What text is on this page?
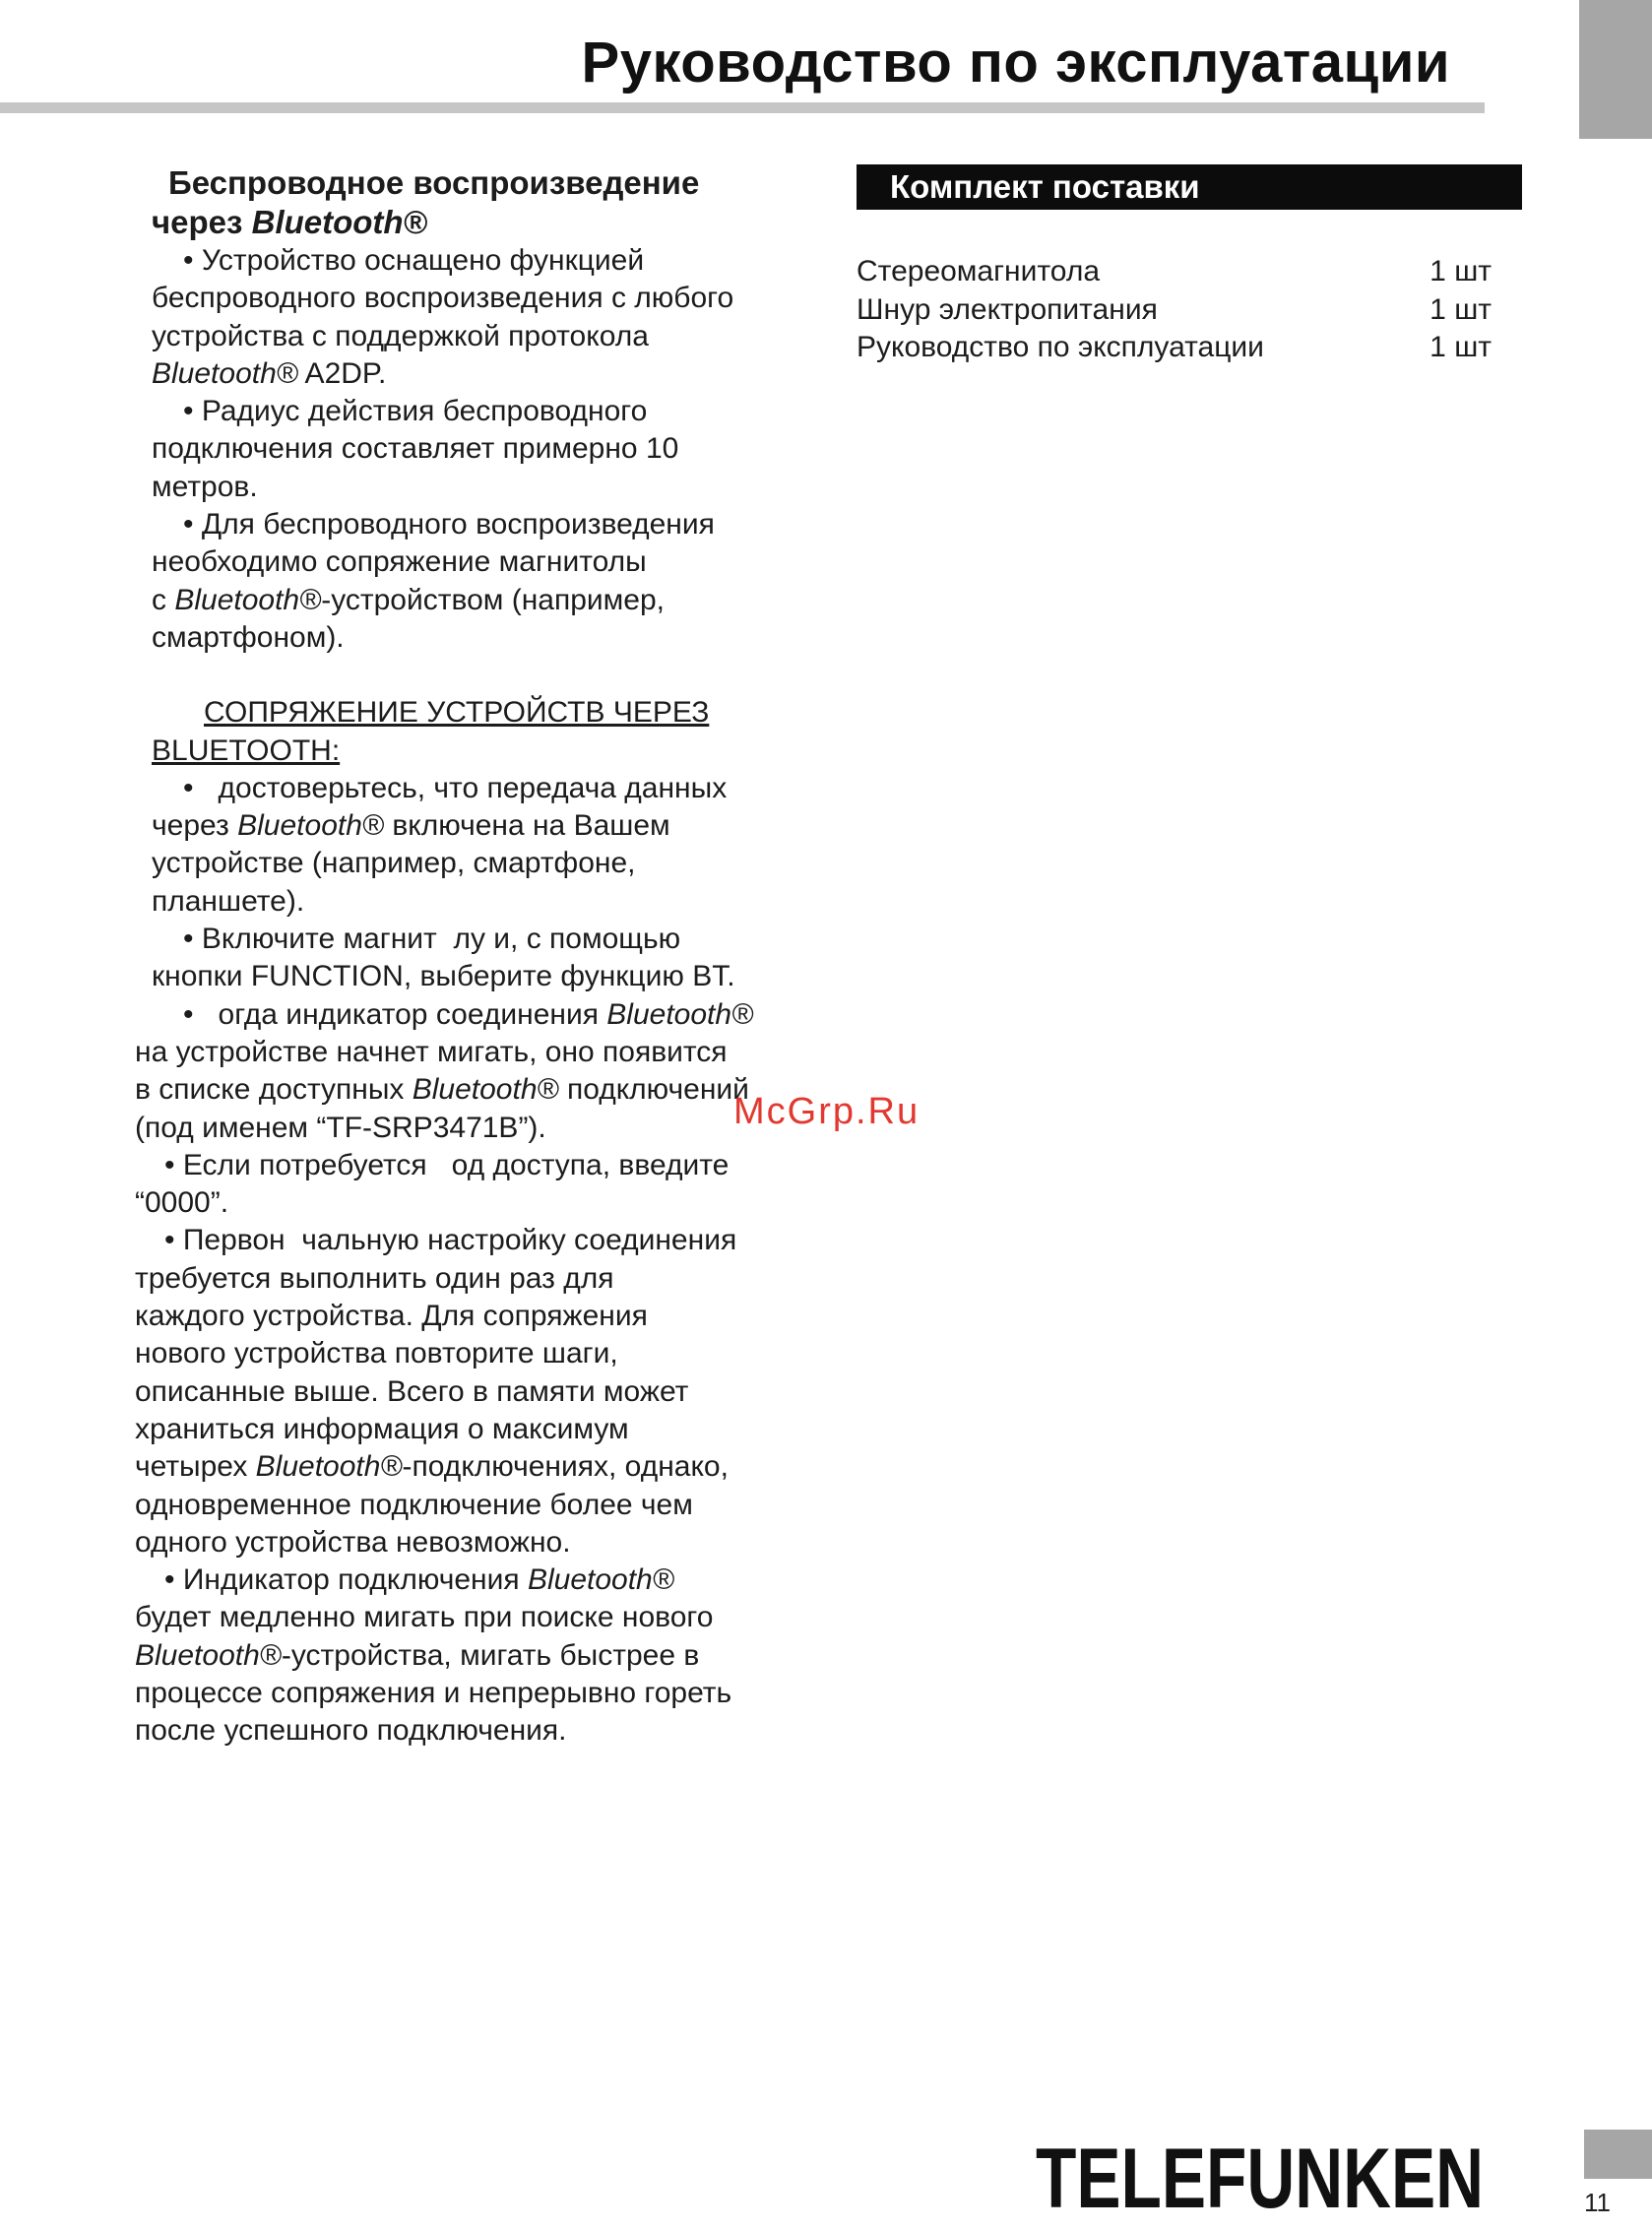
Руководство по эксплуатации
Беспроводное воспроизведение
через Bluetooth®

• Устройство оснащено функцией

беспроводного воспроизведения с любого

устройства с поддержкой протокола

Bluetooth® A2DP.

• Радиус действия беспроводного

подключения составляет примерно 10

метров.

• Для беспроводного воспроизведения

необходимо сопряжение магнитолы

с Bluetooth®-устройством (например,

смартфоном).

СОПРЯЖЕНИЕ УСТРОЙСТВ ЧЕРЕЗ

BLUETOOTH:

•   достоверьтесь, что передача данных

через Bluetooth® включена на Вашем

устройстве (например, смартфоне,

планшете).

• Включите магнит  лу и, с помощью

кнопки FUNCTION, выберите функцию BT.

•   огда индикатор соединения Bluetooth®

на устройстве начнет мигать, оно появится

в списке доступных Bluetooth® подключений

(под именем “TF-SRP3471B”).

• Если потребуется   од доступа, введите

“0000”.

• Первон  чальную настройку соединения

требуется выполнить один раз для

каждого устройства. Для сопряжения

нового устройства повторите шаги,

описанные выше. Всего в памяти может

храниться информация о максимум

четырех Bluetooth®-подключениях, однако,

одновременное подключение более чем

одного устройства невозможно.

• Индикатор подключения Bluetooth®

будет медленно мигать при поиске нового

Bluetooth®-устройства, мигать быстрее в

процессе сопряжения и непрерывно гореть

после успешного подключения.

Комплект поставки
Стереомагнитола	1 шт
Шнур электропитания	1 шт
Руководство по эксплуатации	1 шт
McGrp.Ru
TELEFUNKEN	11
